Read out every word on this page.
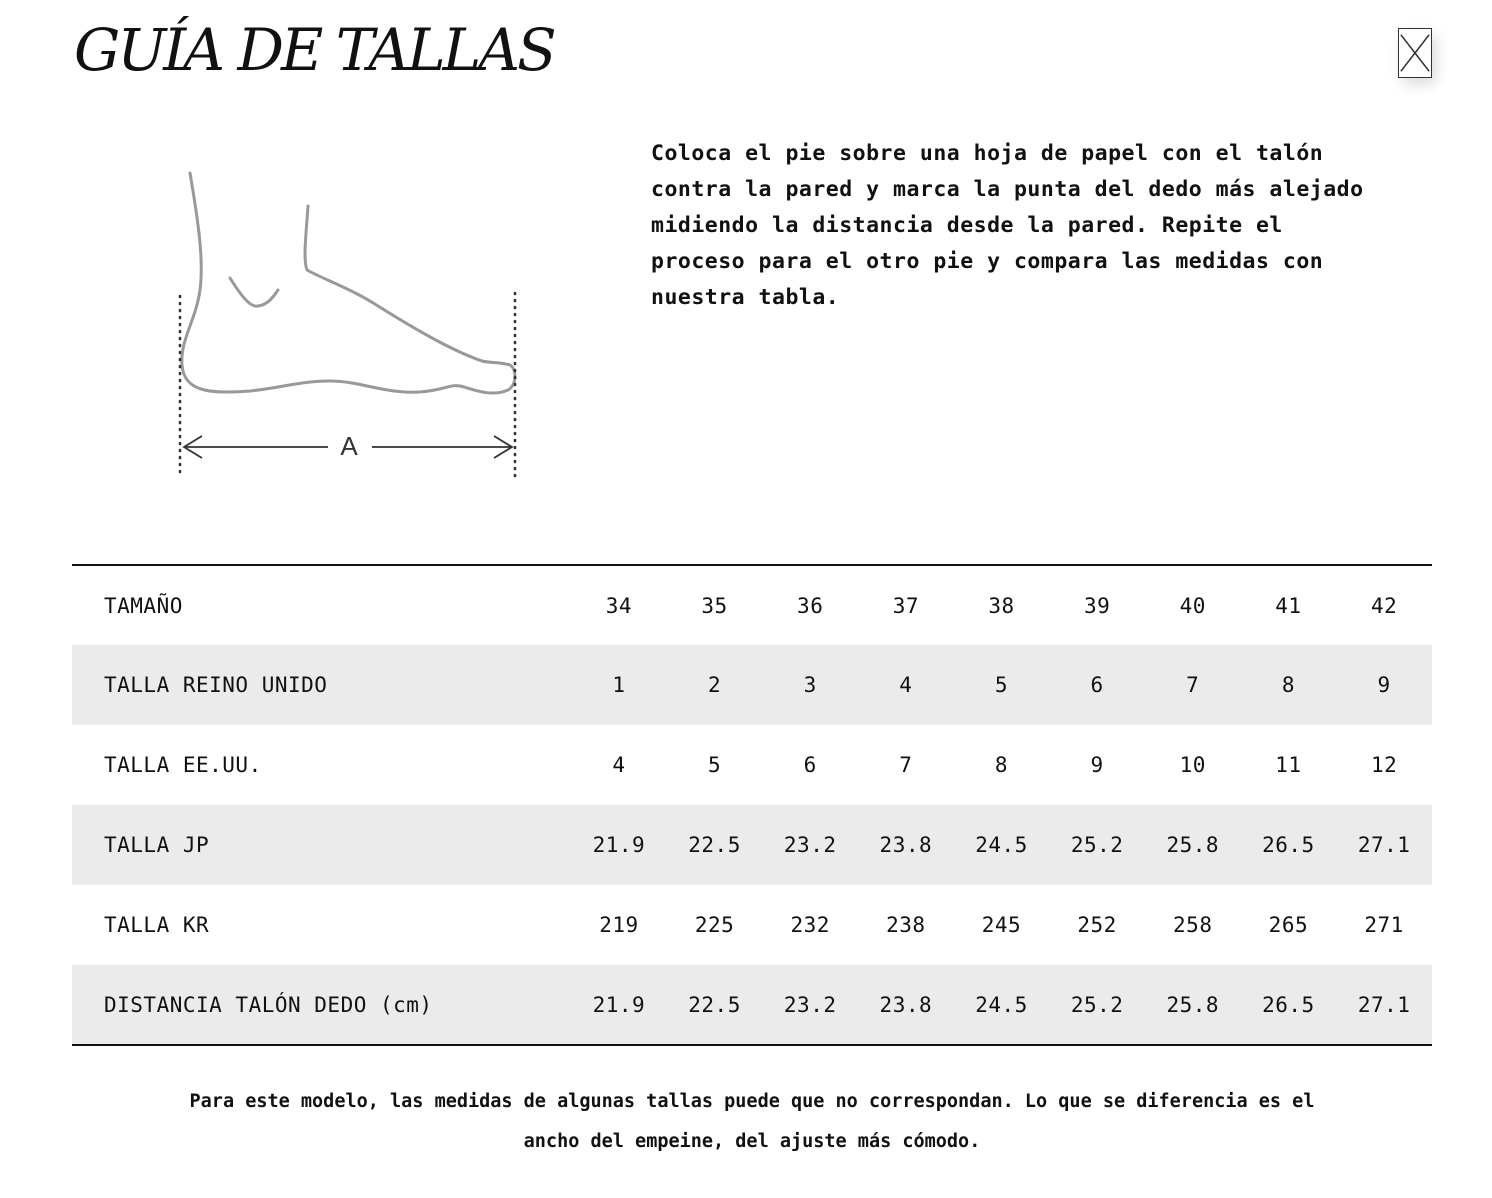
GUÍA DE TALLAS
A

Coloca el pie sobre una hoja de papel con el talón
contra la pared y marca la punta del dedo más alejado
midiendo la distancia desde la pared. Repite el
proceso para el otro pie y compara las medidas con
nuestra tabla.

TAMAÑO	34	35	36	37	38	39	40	41	42
TALLA REINO UNIDO	1	2	3	4	5	6	7	8	9
TALLA EE.UU.	4	5	6	7	8	9	10	11	12
TALLA JP	21.9	22.5	23.2	23.8	24.5	25.2	25.8	26.5	27.1
TALLA KR	219	225	232	238	245	252	258	265	271
DISTANCIA TALÓN DEDO (cm)	21.9	22.5	23.2	23.8	24.5	25.2	25.8	26.5	27.1

Para este modelo, las medidas de algunas tallas puede que no correspondan. Lo que se diferencia es el
ancho del empeine, del ajuste más cómodo.
